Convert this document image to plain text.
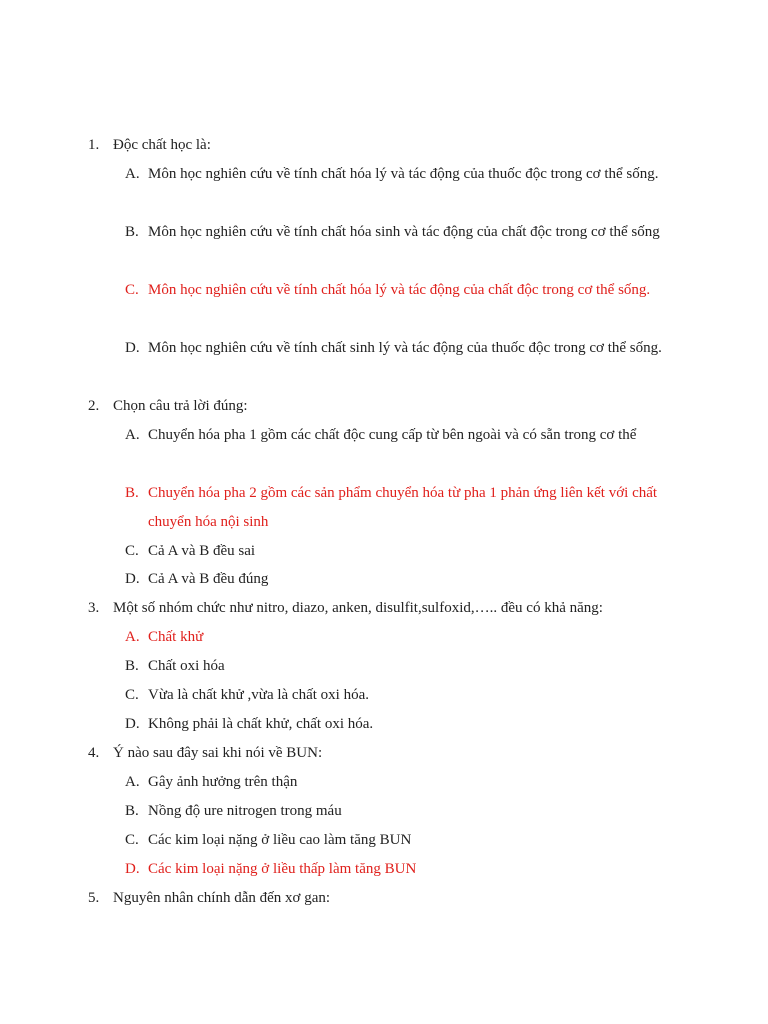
1. Độc chất học là:
A. Môn học nghiên cứu về tính chất hóa lý và tác động của thuốc độc trong cơ thể sống.
B. Môn học nghiên cứu về tính chất hóa sinh và tác động của chất độc trong cơ thể sống
C. Môn học nghiên cứu về tính chất hóa lý và tác động của chất độc trong cơ thể sống.
D. Môn học nghiên cứu về tính chất sinh lý và tác động của thuốc độc trong cơ thể sống.
2. Chọn câu trả lời đúng:
A. Chuyển hóa pha 1 gồm các chất độc cung cấp từ bên ngoài và có sẵn trong cơ thể
B. Chuyển hóa pha 2 gồm các sản phẩm chuyển hóa từ pha 1 phản ứng liên kết với chất chuyển hóa nội sinh
C. Cả A và B đều sai
D. Cả A và B đều đúng
3. Một số nhóm chức như nitro, diazo, anken, disulfit,sulfoxid,….. đều có khả năng:
A. Chất khử
B. Chất oxi hóa
C. Vừa là chất khử ,vừa là chất oxi hóa.
D. Không phải là chất khử, chất oxi hóa.
4. Ý nào sau đây sai khi nói về BUN:
A. Gây ảnh hưởng trên thận
B. Nồng độ ure nitrogen trong máu
C. Các kim loại nặng ở liều cao làm tăng BUN
D. Các kim loại nặng ở liều thấp làm tăng BUN
5. Nguyên nhân chính dẫn đến xơ gan:
